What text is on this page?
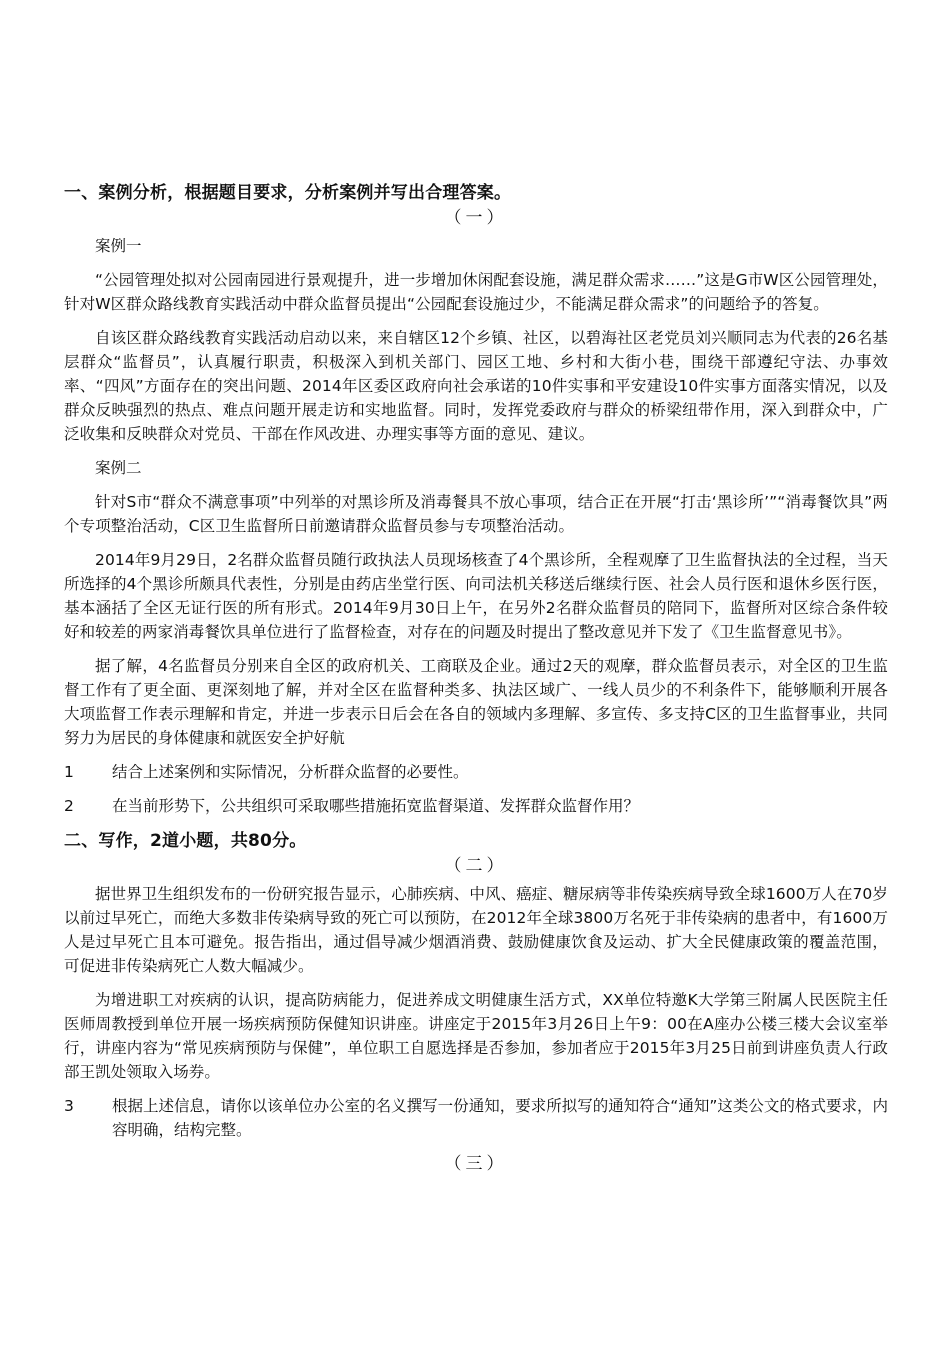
一、案例分析，根据题目要求，分析案例并写出合理答案。

（一）

案例一

“公园管理处拟对公园南园进行景观提升，进一步增加休闲配套设施，满足群众需求……”这是G市W区公园管理处，针对W区群众路线教育实践活动中群众监督员提出“公园配套设施过少，不能满足群众需求”的问题给予的答复。

自该区群众路线教育实践活动启动以来，来自辖区12个乡镇、社区，以碧海社区老党员刘兴顺同志为代表的26名基层群众“监督员”，认真履行职责，积极深入到机关部门、园区工地、乡村和大街小巷，围绕干部遵纪守法、办事效率、“四风”方面存在的突出问题、2014年区委区政府向社会承诺的10件实事和平安建设10件实事方面落实情况，以及群众反映强烈的热点、难点问题开展走访和实地监督。同时，发挥党委政府与群众的桥梁纽带作用，深入到群众中，广泛收集和反映群众对党员、干部在作风改进、办理实事等方面的意见、建议。

案例二

针对S市“群众不满意事项”中列举的对黑诊所及消毒餐具不放心事项，结合正在开展“打击‘黑诊所’”“消毒餐饮具”两个专项整治活动，C区卫生监督所日前邀请群众监督员参与专项整治活动。

2014年9月29日，2名群众监督员随行政执法人员现场核查了4个黑诊所，全程观摩了卫生监督执法的全过程，当天所选择的4个黑诊所颇具代表性，分别是由药店坐堂行医、向司法机关移送后继续行医、社会人员行医和退休乡医行医，基本涵括了全区无证行医的所有形式。2014年9月30日上午，在另外2名群众监督员的陪同下，监督所对区综合条件较好和较差的两家消毒餐饮具单位进行了监督检查，对存在的问题及时提出了整改意见并下发了《卫生监督意见书》。

据了解，4名监督员分别来自全区的政府机关、工商联及企业。通过2天的观摩，群众监督员表示，对全区的卫生监督工作有了更全面、更深刻地了解，并对全区在监督种类多、执法区域广、一线人员少的不利条件下，能够顺利开展各大项监督工作表示理解和肯定，并进一步表示日后会在各自的领域内多理解、多宣传、多支持C区的卫生监督事业，共同努力为居民的身体健康和就医安全护好航

1	结合上述案例和实际情况，分析群众监督的必要性。
2	在当前形势下，公共组织可采取哪些措施拓宽监督渠道、发挥群众监督作用？

二、写作，2道小题，共80分。

（二）

据世界卫生组织发布的一份研究报告显示，心肺疾病、中风、癌症、糖尿病等非传染疾病导致全球1600万人在70岁以前过早死亡，而绝大多数非传染病导致的死亡可以预防，在2012年全球3800万名死于非传染病的患者中，有1600万人是过早死亡且本可避免。报告指出，通过倡导减少烟酒消费、鼓励健康饮食及运动、扩大全民健康政策的覆盖范围，可促进非传染病死亡人数大幅减少。

为增进职工对疾病的认识，提高防病能力，促进养成文明健康生活方式，XX单位特邀K大学第三附属人民医院主任医师周教授到单位开展一场疾病预防保健知识讲座。讲座定于2015年3月26日上午9：00在A座办公楼三楼大会议室举行，讲座内容为“常见疾病预防与保健”，单位职工自愿选择是否参加，参加者应于2015年3月25日前到讲座负责人行政部王凯处领取入场券。

3	根据上述信息，请你以该单位办公室的名义撰写一份通知，要求所拟写的通知符合“通知”这类公文的格式要求，内容明确，结构完整。

（三）
